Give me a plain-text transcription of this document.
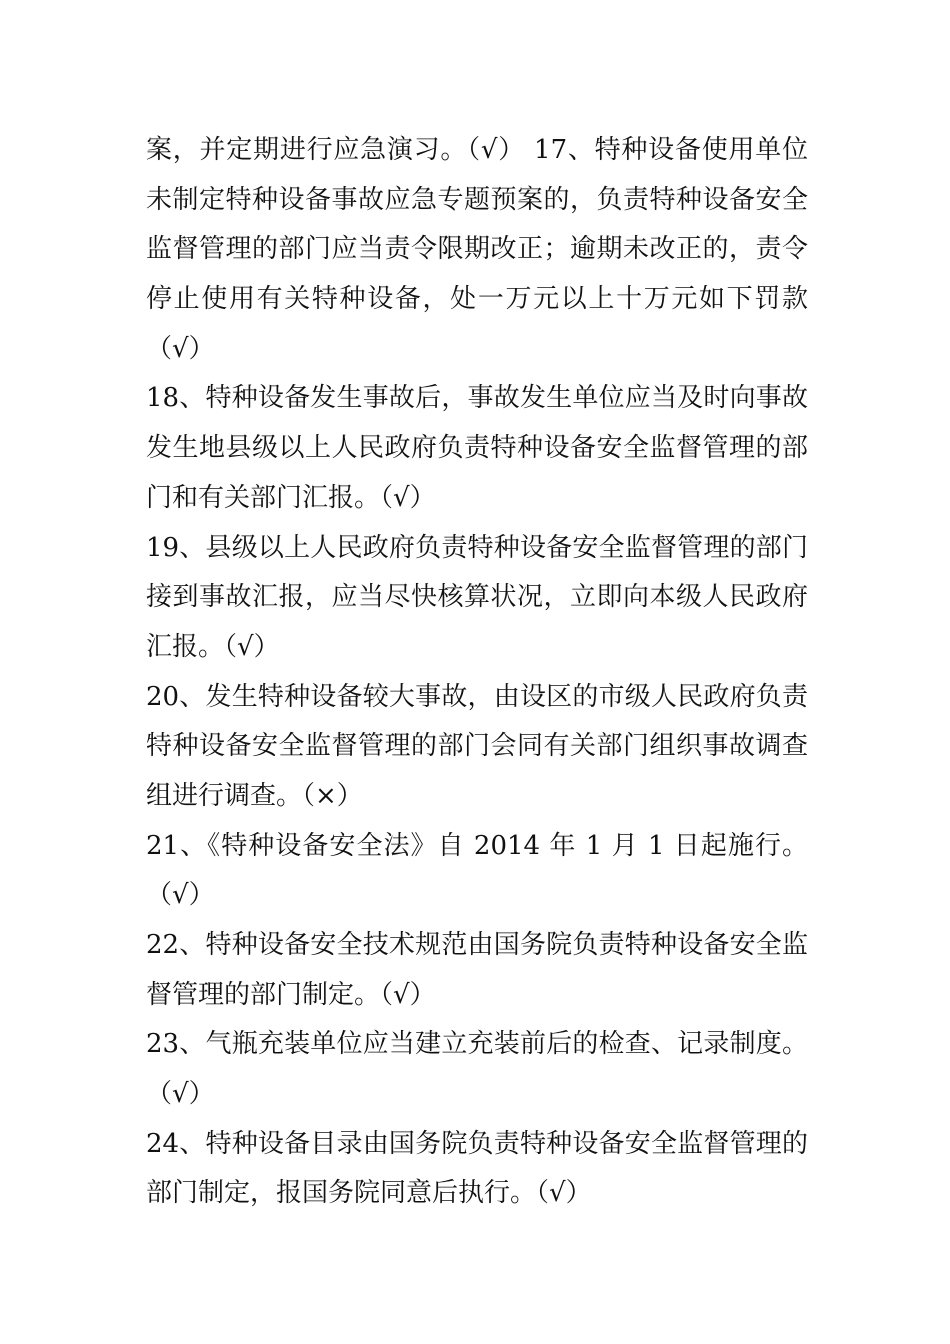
案，并定期进行应急演习。（√） 17、特种设备使用单位
未制定特种设备事故应急专题预案的，负责特种设备安全
监督管理的部门应当责令限期改正；逾期未改正的，责令
停止使用有关特种设备，处一万元以上十万元如下罚款
（√）
18、特种设备发生事故后，事故发生单位应当及时向事故
发生地县级以上人民政府负责特种设备安全监督管理的部
门和有关部门汇报。（√）
19、县级以上人民政府负责特种设备安全监督管理的部门
接到事故汇报，应当尽快核算状况，立即向本级人民政府
汇报。（√）
20、发生特种设备较大事故，由设区的市级人民政府负责
特种设备安全监督管理的部门会同有关部门组织事故调查
组进行调查。（×）
21、《特种设备安全法》自 2014 年 1 月 1 日起施行。
（√）
22、特种设备安全技术规范由国务院负责特种设备安全监
督管理的部门制定。（√）
23、气瓶充装单位应当建立充装前后的检查、记录制度。
（√）
24、特种设备目录由国务院负责特种设备安全监督管理的
部门制定，报国务院同意后执行。（√）
